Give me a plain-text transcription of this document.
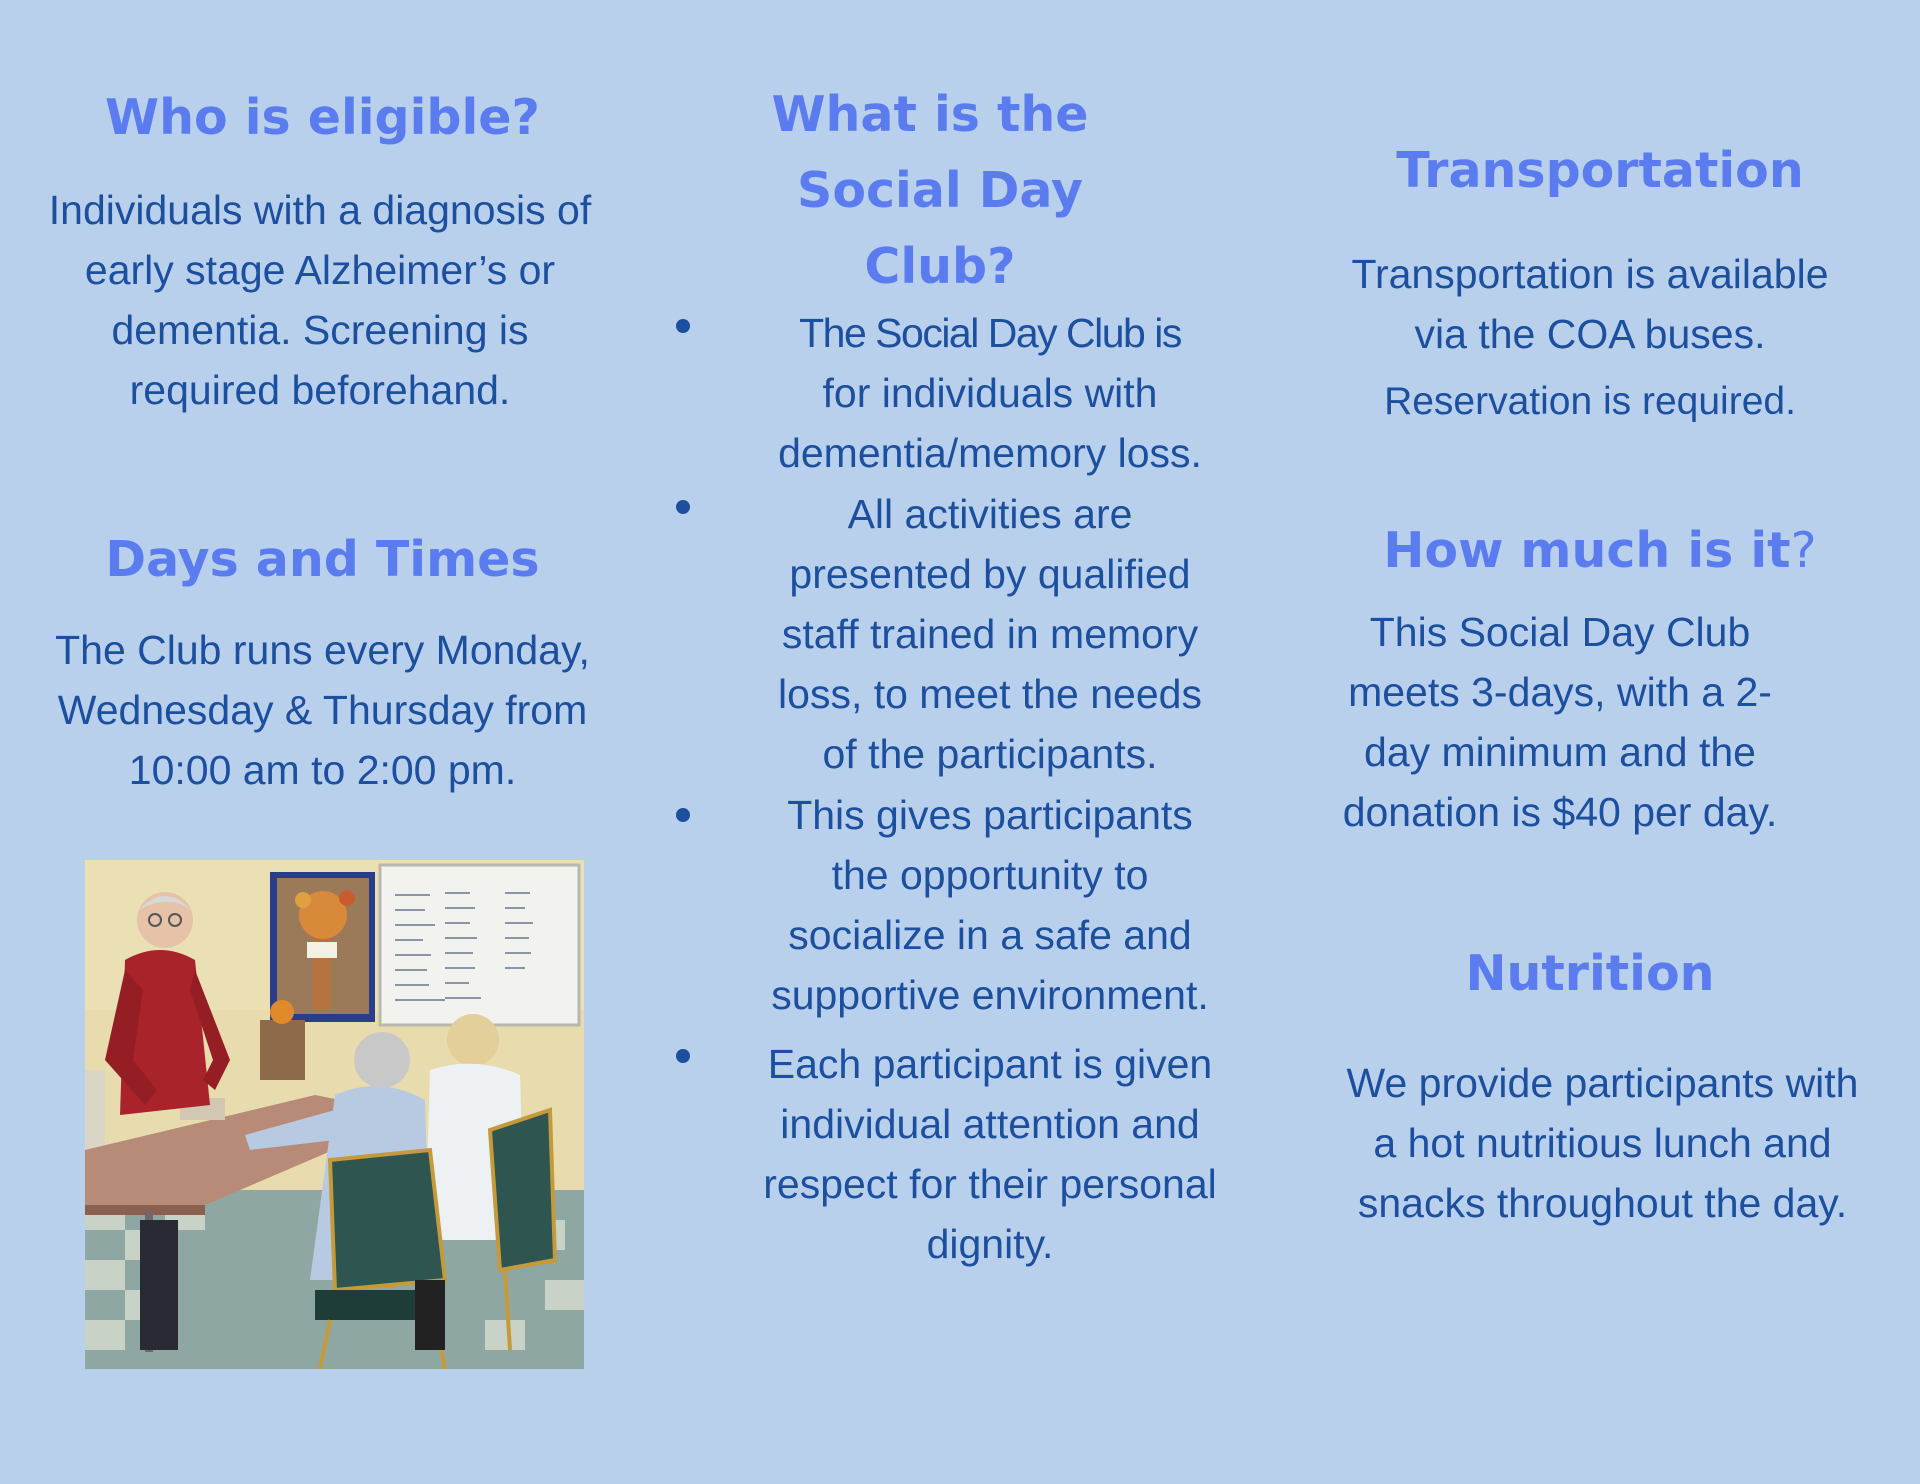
Who is eligible?

Individuals with a diagnosis of
early stage Alzheimer’s or
dementia. Screening is
required beforehand.

Days and Times

The Club runs every Monday,
Wednesday & Thursday from
10:00 am to 2:00 pm.

What is the
Social Day
Club?

The Social Day Club is
for individuals with
dementia/memory loss.

All activities are
presented by qualified
staff trained in memory
loss, to meet the needs
of the participants.

This gives participants
the opportunity to
socialize in a safe and
supportive environment.

Each participant is given
individual attention and
respect for their personal
dignity.

Transportation

Transportation is available
via the COA buses.

Reservation is required.

How much is it?

This Social Day Club
meets 3-days, with a 2-
day minimum and the
donation is $40 per day.

Nutrition

We provide participants with
a hot nutritious lunch and
snacks throughout the day.
